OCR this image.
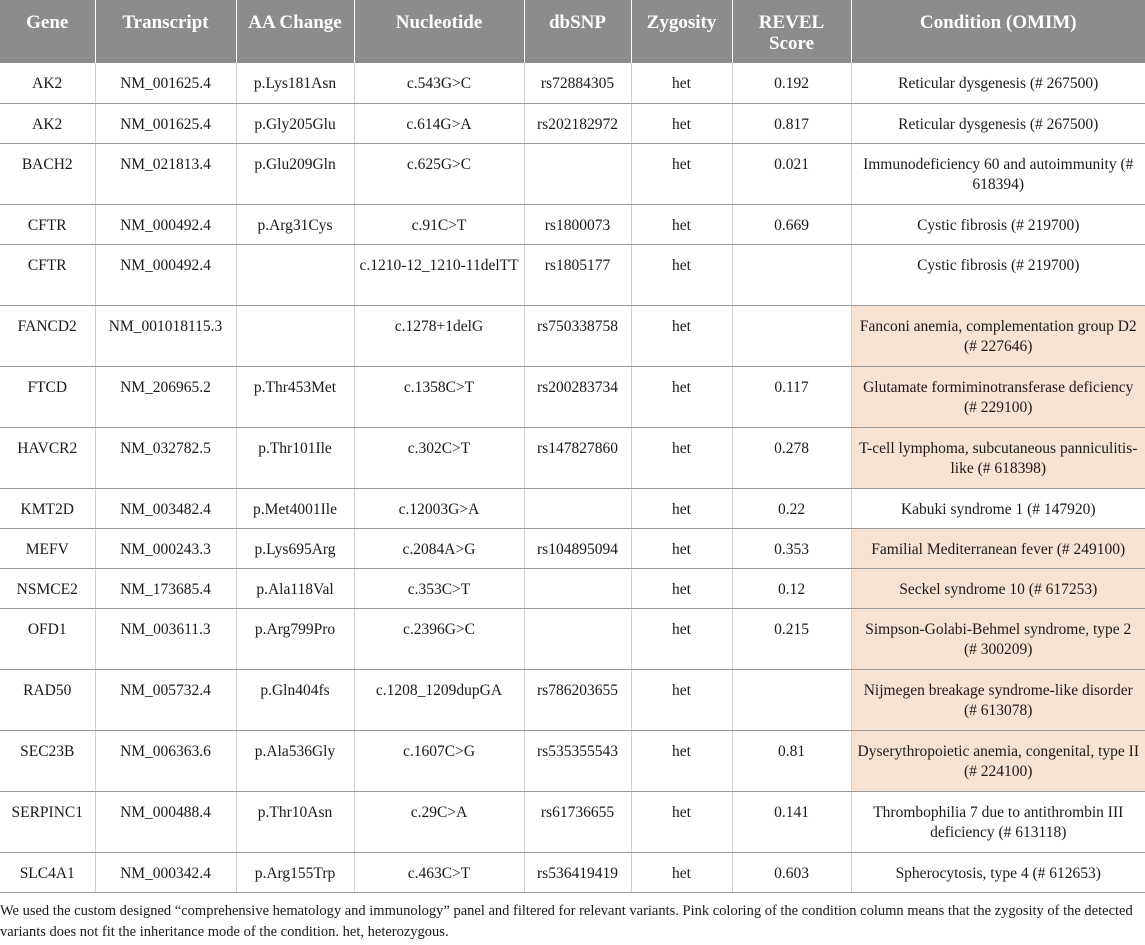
Gene	Transcript	AA Change	Nucleotide	dbSNP	Zygosity	REVEL Score	Condition (OMIM)
AK2	NM_001625.4	p.Lys181Asn	c.543G>C	rs72884305	het	0.192	Reticular dysgenesis (# 267500)
AK2	NM_001625.4	p.Gly205Glu	c.614G>A	rs202182972	het	0.817	Reticular dysgenesis (# 267500)
BACH2	NM_021813.4	p.Glu209Gln	c.625G>C		het	0.021	Immunodeficiency 60 and autoimmunity (# 618394)
CFTR	NM_000492.4	p.Arg31Cys	c.91C>T	rs1800073	het	0.669	Cystic fibrosis (# 219700)
CFTR	NM_000492.4		c.1210-12_1210-11delTT	rs1805177	het		Cystic fibrosis (# 219700)
FANCD2	NM_001018115.3		c.1278+1delG	rs750338758	het		Fanconi anemia, complementation group D2 (# 227646)
FTCD	NM_206965.2	p.Thr453Met	c.1358C>T	rs200283734	het	0.117	Glutamate formiminotransferase deficiency (# 229100)
HAVCR2	NM_032782.5	p.Thr101Ile	c.302C>T	rs147827860	het	0.278	T-cell lymphoma, subcutaneous panniculitis-like (# 618398)
KMT2D	NM_003482.4	p.Met4001Ile	c.12003G>A		het	0.22	Kabuki syndrome 1 (# 147920)
MEFV	NM_000243.3	p.Lys695Arg	c.2084A>G	rs104895094	het	0.353	Familial Mediterranean fever (# 249100)
NSMCE2	NM_173685.4	p.Ala118Val	c.353C>T		het	0.12	Seckel syndrome 10 (# 617253)
OFD1	NM_003611.3	p.Arg799Pro	c.2396G>C		het	0.215	Simpson-Golabi-Behmel syndrome, type 2 (# 300209)
RAD50	NM_005732.4	p.Gln404fs	c.1208_1209dupGA	rs786203655	het		Nijmegen breakage syndrome-like disorder (# 613078)
SEC23B	NM_006363.6	p.Ala536Gly	c.1607C>G	rs535355543	het	0.81	Dyserythropoietic anemia, congenital, type II (# 224100)
SERPINC1	NM_000488.4	p.Thr10Asn	c.29C>A	rs61736655	het	0.141	Thrombophilia 7 due to antithrombin III deficiency (# 613118)
SLC4A1	NM_000342.4	p.Arg155Trp	c.463C>T	rs536419419	het	0.603	Spherocytosis, type 4 (# 612653)
We used the custom designed “comprehensive hematology and immunology” panel and filtered for relevant variants. Pink coloring of the condition column means that the zygosity of the detected variants does not fit the inheritance mode of the condition. het, heterozygous.
